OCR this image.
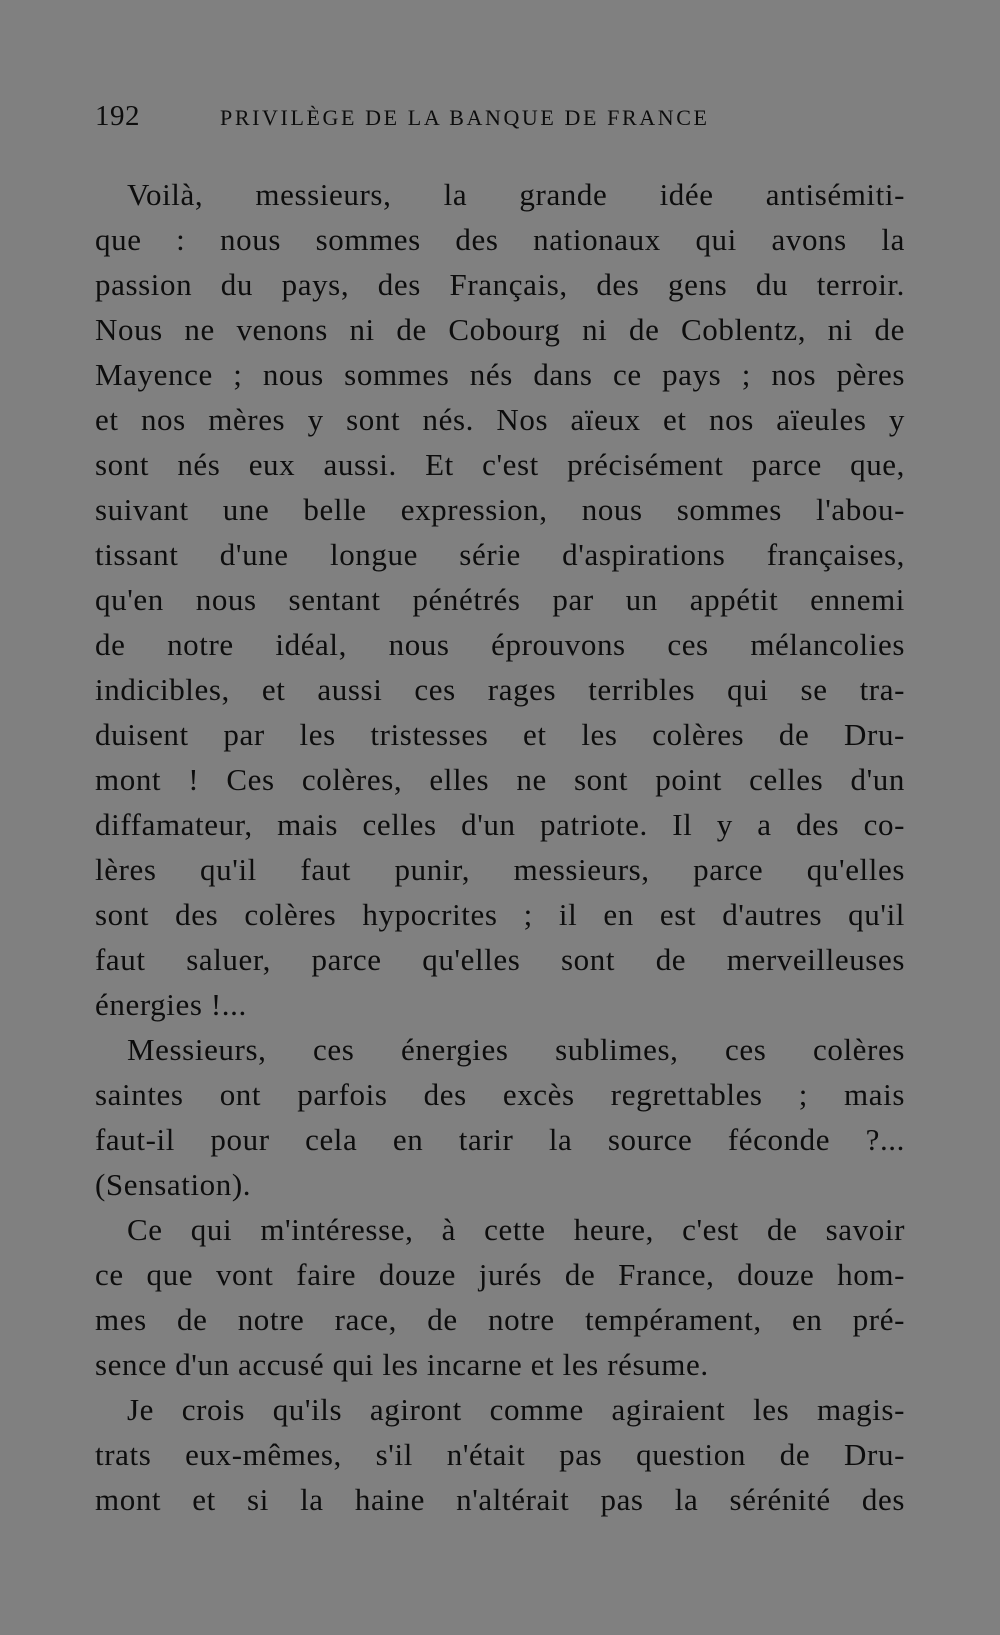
192	PRIVILÈGE DE LA BANQUE DE FRANCE

Voilà, messieurs, la grande idée antisémiti-
que : nous sommes des nationaux qui avons la
passion du pays, des Français, des gens du terroir.
Nous ne venons ni de Cobourg ni de Coblentz, ni de
Mayence ; nous sommes nés dans ce pays ; nos pères
et nos mères y sont nés. Nos aïeux et nos aïeules y
sont nés eux aussi. Et c'est précisément parce que,
suivant une belle expression, nous sommes l'abou-
tissant d'une longue série d'aspirations françaises,
qu'en nous sentant pénétrés par un appétit ennemi
de notre idéal, nous éprouvons ces mélancolies
indicibles, et aussi ces rages terribles qui se tra-
duisent par les tristesses et les colères de Dru-
mont ! Ces colères, elles ne sont point celles d'un
diffamateur, mais celles d'un patriote. Il y a des co-
lères qu'il faut punir, messieurs, parce qu'elles
sont des colères hypocrites ; il en est d'autres qu'il
faut saluer, parce qu'elles sont de merveilleuses
énergies !...

Messieurs, ces énergies sublimes, ces colères
saintes ont parfois des excès regrettables ; mais
faut-il pour cela en tarir la source féconde ?...
(Sensation).

Ce qui m'intéresse, à cette heure, c'est de savoir
ce que vont faire douze jurés de France, douze hom-
mes de notre race, de notre tempérament, en pré-
sence d'un accusé qui les incarne et les résume.

Je crois qu'ils agiront comme agiraient les magis-
trats eux-mêmes, s'il n'était pas question de Dru-
mont et si la haine n'altérait pas la sérénité des
